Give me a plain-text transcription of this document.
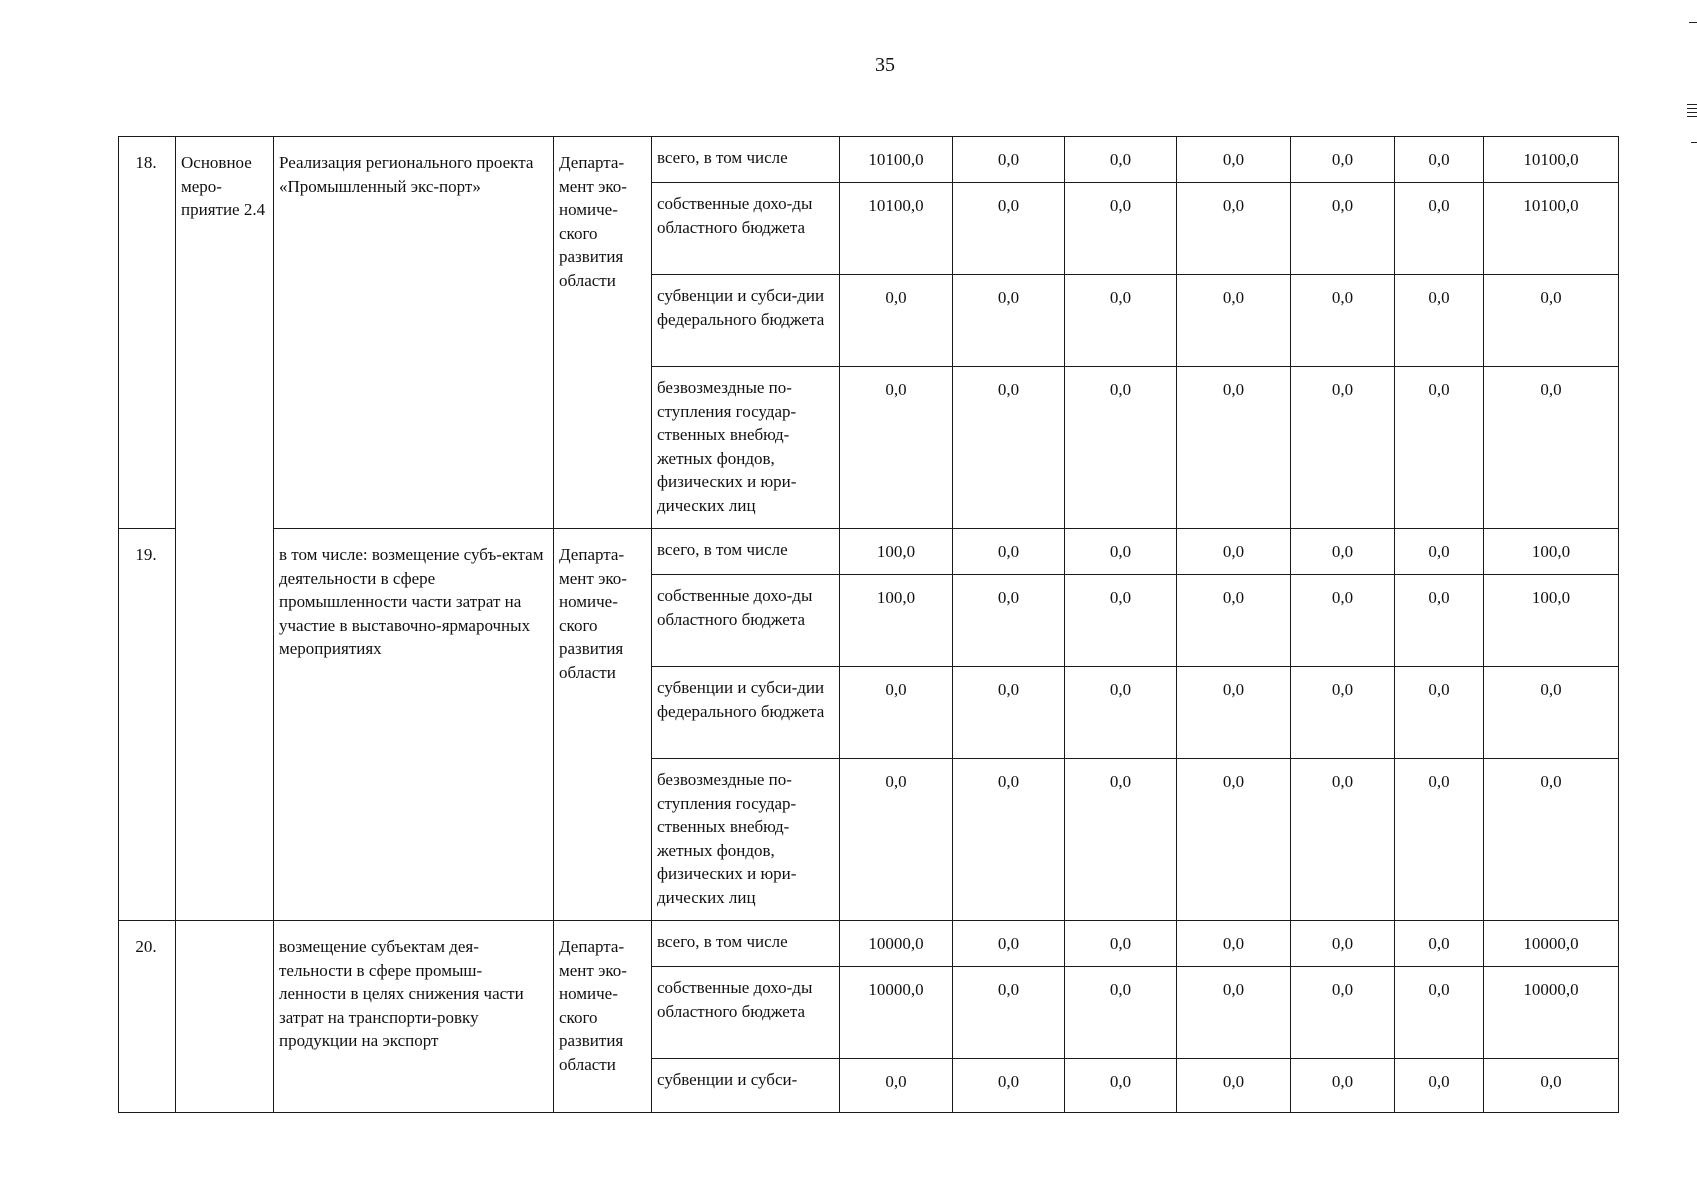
35
18.	Основное меро-приятие 2.4	Реализация регионального проекта «Промышленный экс-порт»	Департа-мент эко-номиче-ского развития области	всего, в том числе	10100,0	0,0	0,0	0,0	0,0	0,0	10100,0
				собственные дохо-ды областного бюджета	10100,0	0,0	0,0	0,0	0,0	0,0	10100,0
				субвенции и субси-дии федерального бюджета	0,0	0,0	0,0	0,0	0,0	0,0	0,0
				безвозмездные по-ступления государ-ственных внебюд-жетных фондов, физических и юри-дических лиц	0,0	0,0	0,0	0,0	0,0	0,0	0,0
19.		в том числе: возмещение субъ-ектам деятельности в сфере промышленности части затрат на участие в выставочно-ярмарочных мероприятиях	Департа-мент эко-номиче-ского развития области	всего, в том числе	100,0	0,0	0,0	0,0	0,0	0,0	100,0
				собственные дохо-ды областного бюджета	100,0	0,0	0,0	0,0	0,0	0,0	100,0
				субвенции и субси-дии федерального бюджета	0,0	0,0	0,0	0,0	0,0	0,0	0,0
				безвозмездные по-ступления государ-ственных внебюд-жетных фондов, физических и юри-дических лиц	0,0	0,0	0,0	0,0	0,0	0,0	0,0
20.		возмещение субъектам дея-тельности в сфере промыш-ленности в целях снижения части затрат на транспорти-ровку продукции на экспорт	Департа-мент эко-номиче-ского развития области	всего, в том числе	10000,0	0,0	0,0	0,0	0,0	0,0	10000,0
				собственные дохо-ды областного бюджета	10000,0	0,0	0,0	0,0	0,0	0,0	10000,0
				субвенции и субси-	0,0	0,0	0,0	0,0	0,0	0,0	0,0
